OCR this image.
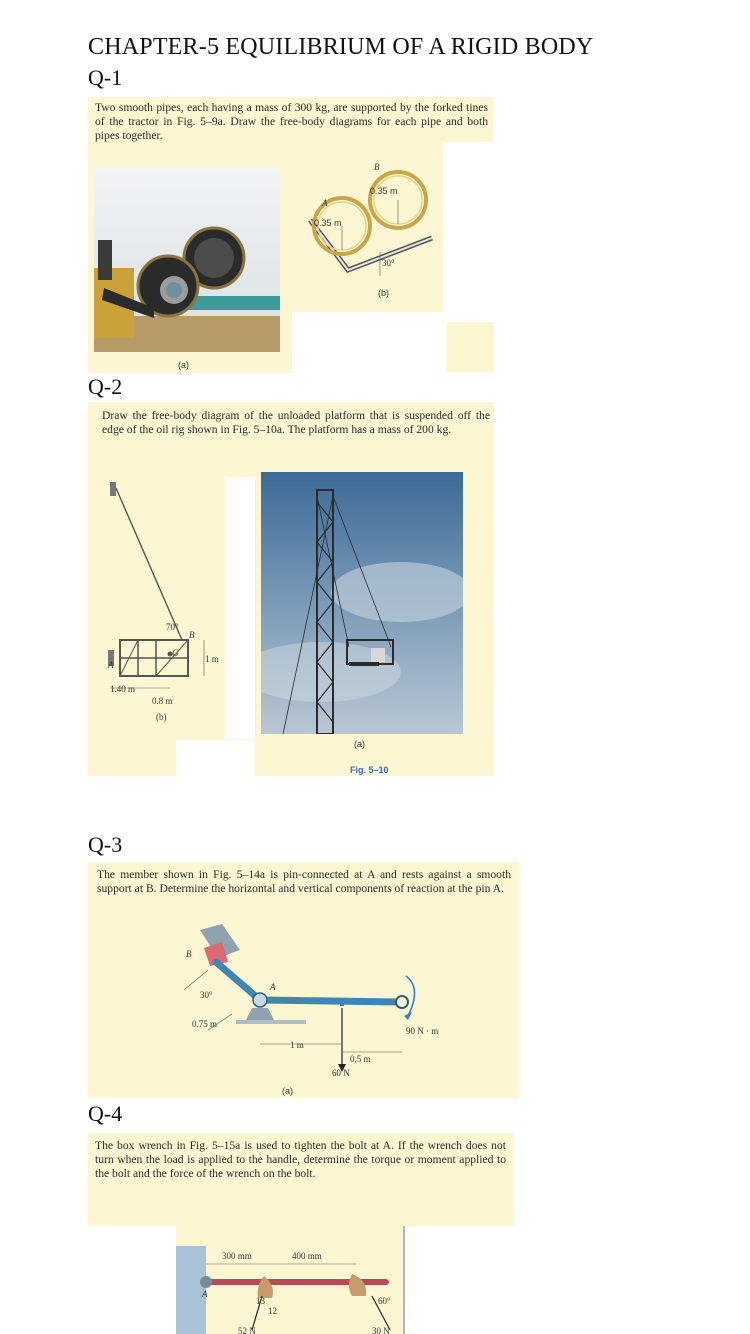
CHAPTER-5 EQUILIBRIUM OF A RIGID BODY
Q-1
Two smooth pipes, each having a mass of 300 kg, are supported by the forked tines of the tractor in Fig. 5–9a. Draw the free-body diagrams for each pipe and both pipes together.
(a)
A
B
0.35 m
0.35 m
30°
(b)
Q-2
Draw the free-body diagram of the unloaded platform that is suspended off the edge of the oil rig shown in Fig. 5–10a. The platform has a mass of 200 kg.
70°
A
B
G
1 m
1.40 m
0.8 m
(b)
(a)
Fig. 5–10
Q-3
The member shown in Fig. 5–14a is pin-connected at A and rests against a smooth support at B. Determine the horizontal and vertical components of reaction at the pin A.
B
A
30°
0.75 m
1 m
0.5 m
60 N
90 N · m
(a)
Q-4
The box wrench in Fig. 5–15a is used to tighten the bolt at A. If the wrench does not turn when the load is applied to the handle, determine the torque or moment applied to the bolt and the force of the wrench on the bolt.
300 mm	400 mm
A
13
12
60°
52 N	30 N
